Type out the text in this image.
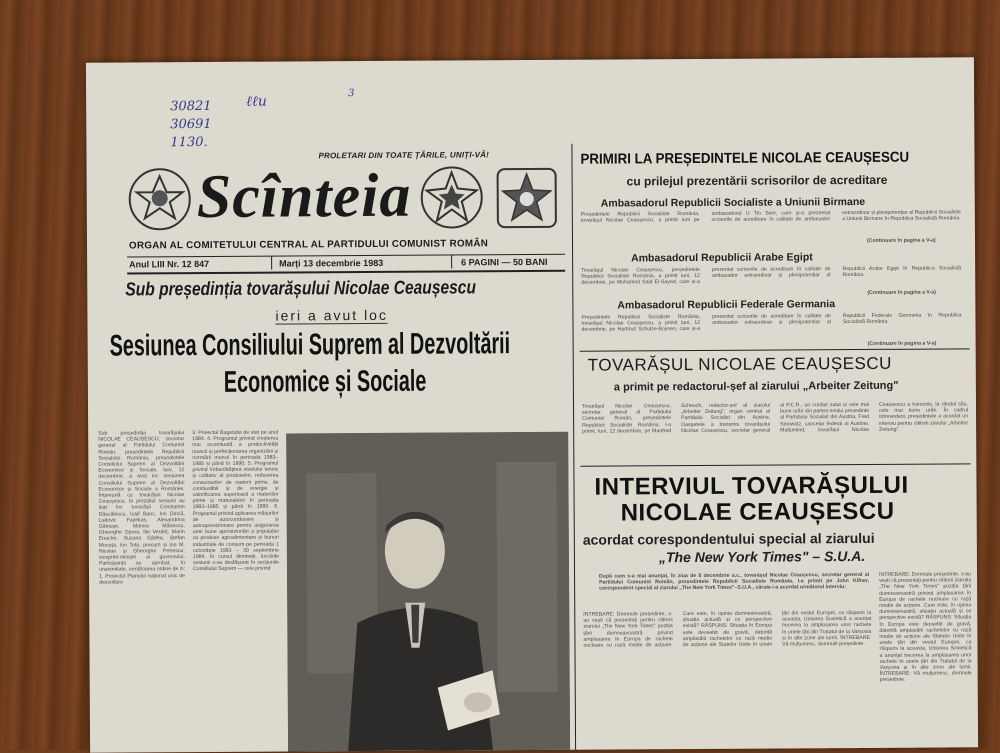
30821
30691
1130.
ℓℓu
3
PROLETARI DIN TOATE ȚĂRILE, UNIȚI-VĂ!
Scînteia
ORGAN AL COMITETULUI CENTRAL AL PARTIDULUI COMUNIST ROMÂN
Anul LIII Nr. 12 847	Marți 13 decembrie 1983	6 PAGINI — 50 BANI
Sub președinția tovarășului Nicolae Ceaușescu
ieri a avut loc
Sesiunea Consiliului Suprem al Dezvoltării
Economice și Sociale
Sub președinția tovarășului NICOLAE CEAUȘESCU, secretar general al Partidului Comunist Român, președintele Republicii Socialiste România, președintele Consiliului Suprem al Dezvoltării Economice și Sociale, luni, 12 decembrie, a avut loc sesiunea Consiliului Suprem al Dezvoltării Economice și Sociale a României. Împreună cu tovarășul Nicolae Ceaușescu, în prezidiul sesiunii au luat loc tovarășii Constantin Dăscălescu, Iosif Banc, Ion Dincă, Ludovic Fazekas, Alexandrina Găinușe, Manea Mănescu, Gheorghe Oprea, Ilie Verdeț, Marin Enache, Suzana Gâdea, Ștefan Mocuța, Ion Totu, precum și Ion M. Nicolae și Gheorghe Petrescu, viceprim-miniștri ai guvernului. Participanții au aprobat, în unanimitate, următoarea ordine de zi: 1. Proiectul Planului național unic de dezvoltare
3. Proiectul Bugetului de stat pe anul 1984. 4. Programul privind creșterea mai accentuată a productivității muncii și perfecționarea organizării și normării muncii în perioada 1983–1985 și până în 1990. 5. Programul privind îmbunătățirea nivelului tehnic și calitativ al produselor, reducerea consumurilor de materii prime, de combustibil și de energie și valorificarea superioară a materiilor prime și materialelor în perioada 1983–1985 și până în 1990. 6. Programul privind aplicarea măsurilor de autoconducere și autoaprovizionare pentru asigurarea unei bune aprovizionări a populației cu produse agroalimentare și bunuri industriale de consum pe perioada 1 octombrie 1983 – 30 septembrie 1984. În cursul dimineții, lucrările sesiunii s-au desfășurat în secțiunile Consiliului Suprem — cele privind
PRIMIRI LA PREȘEDINTELE NICOLAE CEAUȘESCU
cu prilejul prezentării scrisorilor de acreditare
Ambasadorul Republicii Socialiste a Uniunii Birmane
Președintele Republicii Socialiste România, tovarășul Nicolae Ceaușescu, a primit luni pe ambasadorul U Tin Sein, care și-a prezentat scrisorile de acreditare în calitate de ambasador extraordinar și plenipotențiar al Republicii Socialiste a Uniunii Birmane în Republica Socialistă România.
(Continuare în pagina a V-a)
Ambasadorul Republicii Arabe Egipt
Tovarășul Nicolae Ceaușescu, președintele Republicii Socialiste România, a primit luni, 12 decembrie, pe Mohamed Said El-Sayed, care și-a prezentat scrisorile de acreditare în calitate de ambasador extraordinar și plenipotențiar al Republicii Arabe Egipt în Republica Socialistă România.
(Continuare în pagina a V-a)
Ambasadorul Republicii Federale Germania
Președintele Republicii Socialiste România, tovarășul Nicolae Ceaușescu, a primit luni, 12 decembrie, pe Hartmut Schulze-Boysen, care și-a prezentat scrisorile de acreditare în calitate de ambasador extraordinar și plenipotențiar al Republicii Federale Germania în Republica Socialistă România.
(Continuare în pagina a V-a)
TOVARĂȘUL NICOLAE CEAUȘESCU
a primit pe redactorul-șef al ziarului „Arbeiter Zeitung"
Tovarășul Nicolae Ceaușescu, secretar general al Partidului Comunist Român, președintele Republicii Socialiste România, l-a primit, luni, 12 decembrie, pe Manfred Scheuch, redactor-șef al ziarului „Arbeiter Zeitung", organ central al Partidului Socialist din Austria. Oaspetele a transmis tovarășului Nicolae Ceaușescu, secretar general al P.C.R., un cordial salut și cele mai bune urări din partea noului președinte al Partidului Socialist din Austria, Fred Sinowatz, cancelar federal al Austriei. Mulțumind, tovarășul Nicolae Ceaușescu a transmis, la rândul său, cele mai bune urări. În cadrul întrevederii, președintele a acordat un interviu pentru cititorii ziarului „Arbeiter Zeitung".
INTERVIUL TOVARĂȘULUI
NICOLAE CEAUȘESCU
acordat corespondentului special al ziarului
„The New York Times" – S.U.A.
După cum s-a mai anunțat, în ziua de 8 decembrie a.c., tovarășul Nicolae Ceaușescu, secretar general al Partidului Comunist Român, președintele Republicii Socialiste România, l-a primit pe John Kifner, corespondent special al ziarului „The New York Times"–S.U.A., căruia i-a acordat următorul interviu:
ÎNTREBARE: Domnule președinte, s-au vești că prezentați pentru cititorii ziarului „The New York Times" poziția țării dumneavoastră privind amplasarea în Europa de rachete nucleare cu rază medie de acțiune. Care este, în opinia dumneavoastră, situația actuală și ce perspective există? RĂSPUNS: Situația în Europa este deosebit de gravă, datorită amplasării rachetelor cu rază medie de acțiune ale Statelor Unite în unele țări din vestul Europei, ca răspuns la aceasta, Uniunea Sovietică a anunțat trecerea la amplasarea unor rachete în unele țări din Tratatul de la Varșovia și în alte zone ale lumii. ÎNTREBARE: Vă mulțumesc, domnule președinte.
ÎNTREBARE: Domnule președinte, s-au vești că prezentați pentru cititorii ziarului „The New York Times" poziția țării dumneavoastră privind amplasarea în Europa de rachete nucleare cu rază medie de acțiune. Care este, în opinia dumneavoastră, situația actuală și ce perspective există? RĂSPUNS: Situația în Europa este deosebit de gravă, datorită amplasării rachetelor cu rază medie de acțiune ale Statelor Unite în unele țări din vestul Europei, ca răspuns la aceasta, Uniunea Sovietică a anunțat trecerea la amplasarea unor rachete în unele țări din Tratatul de la Varșovia și în alte zone ale lumii. ÎNTREBARE: Vă mulțumesc, domnule președinte.
